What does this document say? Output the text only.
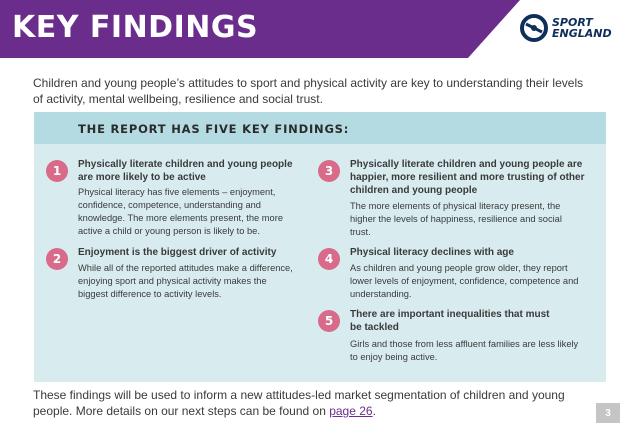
KEY FINDINGS	SPORT
ENGLAND
Children and young people’s attitudes to sport and physical activity are key to understanding their levels of activity, mental wellbeing, resilience and social trust.
THE REPORT HAS FIVE KEY FINDINGS:
1	Physically literate children and young people are more likely to be active
Physical literacy has five elements – enjoyment, confidence, competence, understanding and knowledge. The more elements present, the more active a child or young person is likely to be.
2	Enjoyment is the biggest driver of activity
While all of the reported attitudes make a difference, enjoying sport and physical activity makes the biggest difference to activity levels.
3	Physically literate children and young people are happier, more resilient and more trusting of other children and young people
The more elements of physical literacy present, the higher the levels of happiness, resilience and social trust.
4	Physical literacy declines with age
As children and young people grow older, they report lower levels of enjoyment, confidence, competence and understanding.
5	There are important inequalities that must be tackled
Girls and those from less affluent families are less likely to enjoy being active.
These findings will be used to inform a new attitudes-led market segmentation of children and young people. More details on our next steps can be found on page 26.	3
